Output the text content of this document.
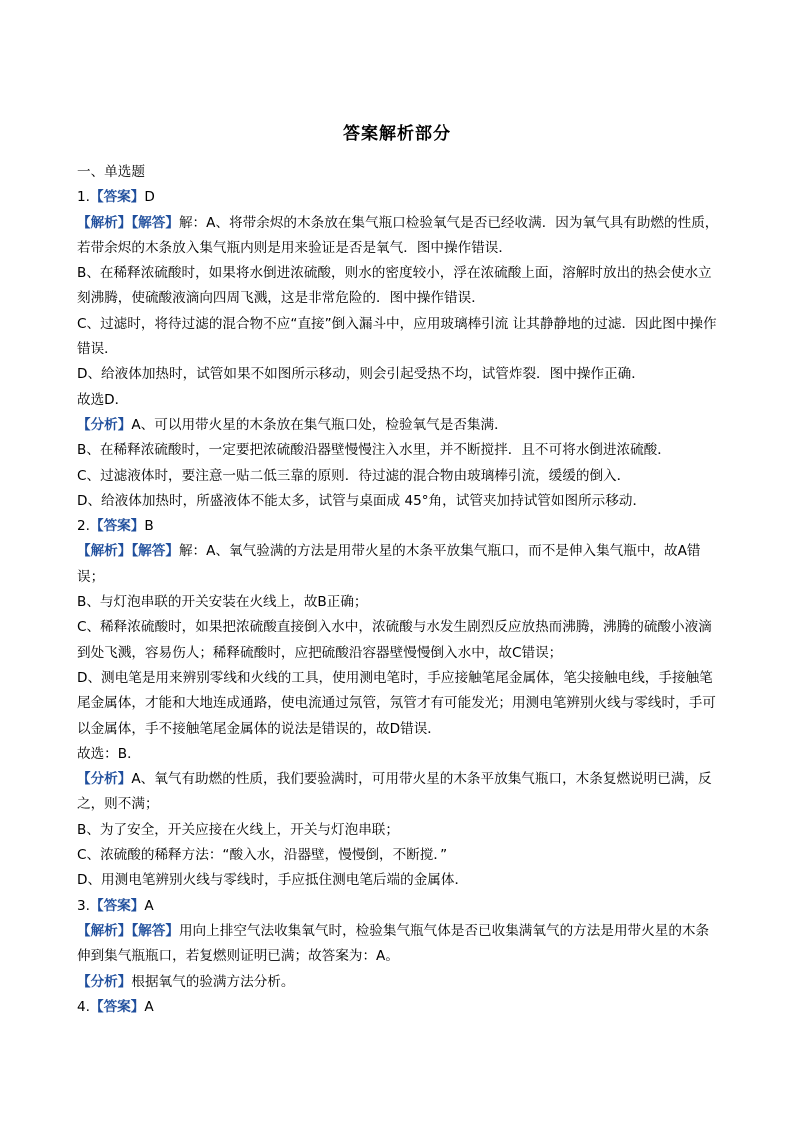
答案解析部分

一、单选题

1.【答案】D

【解析】【解答】解：A、将带余烬的木条放在集气瓶口检验氧气是否已经收满．因为氧气具有助燃的性质，若带余烬的木条放入集气瓶内则是用来验证是否是氧气．图中操作错误．

B、在稀释浓硫酸时，如果将水倒进浓硫酸，则水的密度较小，浮在浓硫酸上面，溶解时放出的热会使水立刻沸腾，使硫酸液滴向四周飞溅，这是非常危险的．图中操作错误．

C、过滤时，将待过滤的混合物不应“直接”倒入漏斗中，应用玻璃棒引流 让其静静地的过滤．因此图中操作错误．

D、给液体加热时，试管如果不如图所示移动，则会引起受热不均，试管炸裂．图中操作正确．

故选D．

【分析】A、可以用带火星的木条放在集气瓶口处，检验氧气是否集满．

B、在稀释浓硫酸时，一定要把浓硫酸沿器壁慢慢注入水里，并不断搅拌．且不可将水倒进浓硫酸．

C、过滤液体时，要注意一贴二低三靠的原则．待过滤的混合物由玻璃棒引流，缓缓的倒入．

D、给液体加热时，所盛液体不能太多，试管与桌面成 45°角，试管夹加持试管如图所示移动．

2.【答案】B

【解析】【解答】解：A、氧气验满的方法是用带火星的木条平放集气瓶口，而不是伸入集气瓶中，故A错误；

B、与灯泡串联的开关安装在火线上，故B正确；

C、稀释浓硫酸时，如果把浓硫酸直接倒入水中，浓硫酸与水发生剧烈反应放热而沸腾，沸腾的硫酸小液滴到处飞溅，容易伤人；稀释硫酸时，应把硫酸沿容器壁慢慢倒入水中，故C错误；

D、测电笔是用来辨别零线和火线的工具，使用测电笔时，手应接触笔尾金属体，笔尖接触电线，手接触笔尾金属体，才能和大地连成通路，使电流通过氖管，氖管才有可能发光；用测电笔辨别火线与零线时，手可以金属体，手不接触笔尾金属体的说法是错误的，故D错误．

故选：B．

【分析】A、氧气有助燃的性质，我们要验满时，可用带火星的木条平放集气瓶口，木条复燃说明已满，反之，则不满；

B、为了安全，开关应接在火线上，开关与灯泡串联；

C、浓硫酸的稀释方法：“酸入水，沿器壁，慢慢倒，不断搅．”

D、用测电笔辨别火线与零线时，手应抵住测电笔后端的金属体．

3.【答案】A

【解析】【解答】用向上排空气法收集氧气时，检验集气瓶气体是否已收集满氧气的方法是用带火星的木条伸到集气瓶瓶口，若复燃则证明已满；故答案为：A。

【分析】根据氧气的验满方法分析。

4.【答案】A
